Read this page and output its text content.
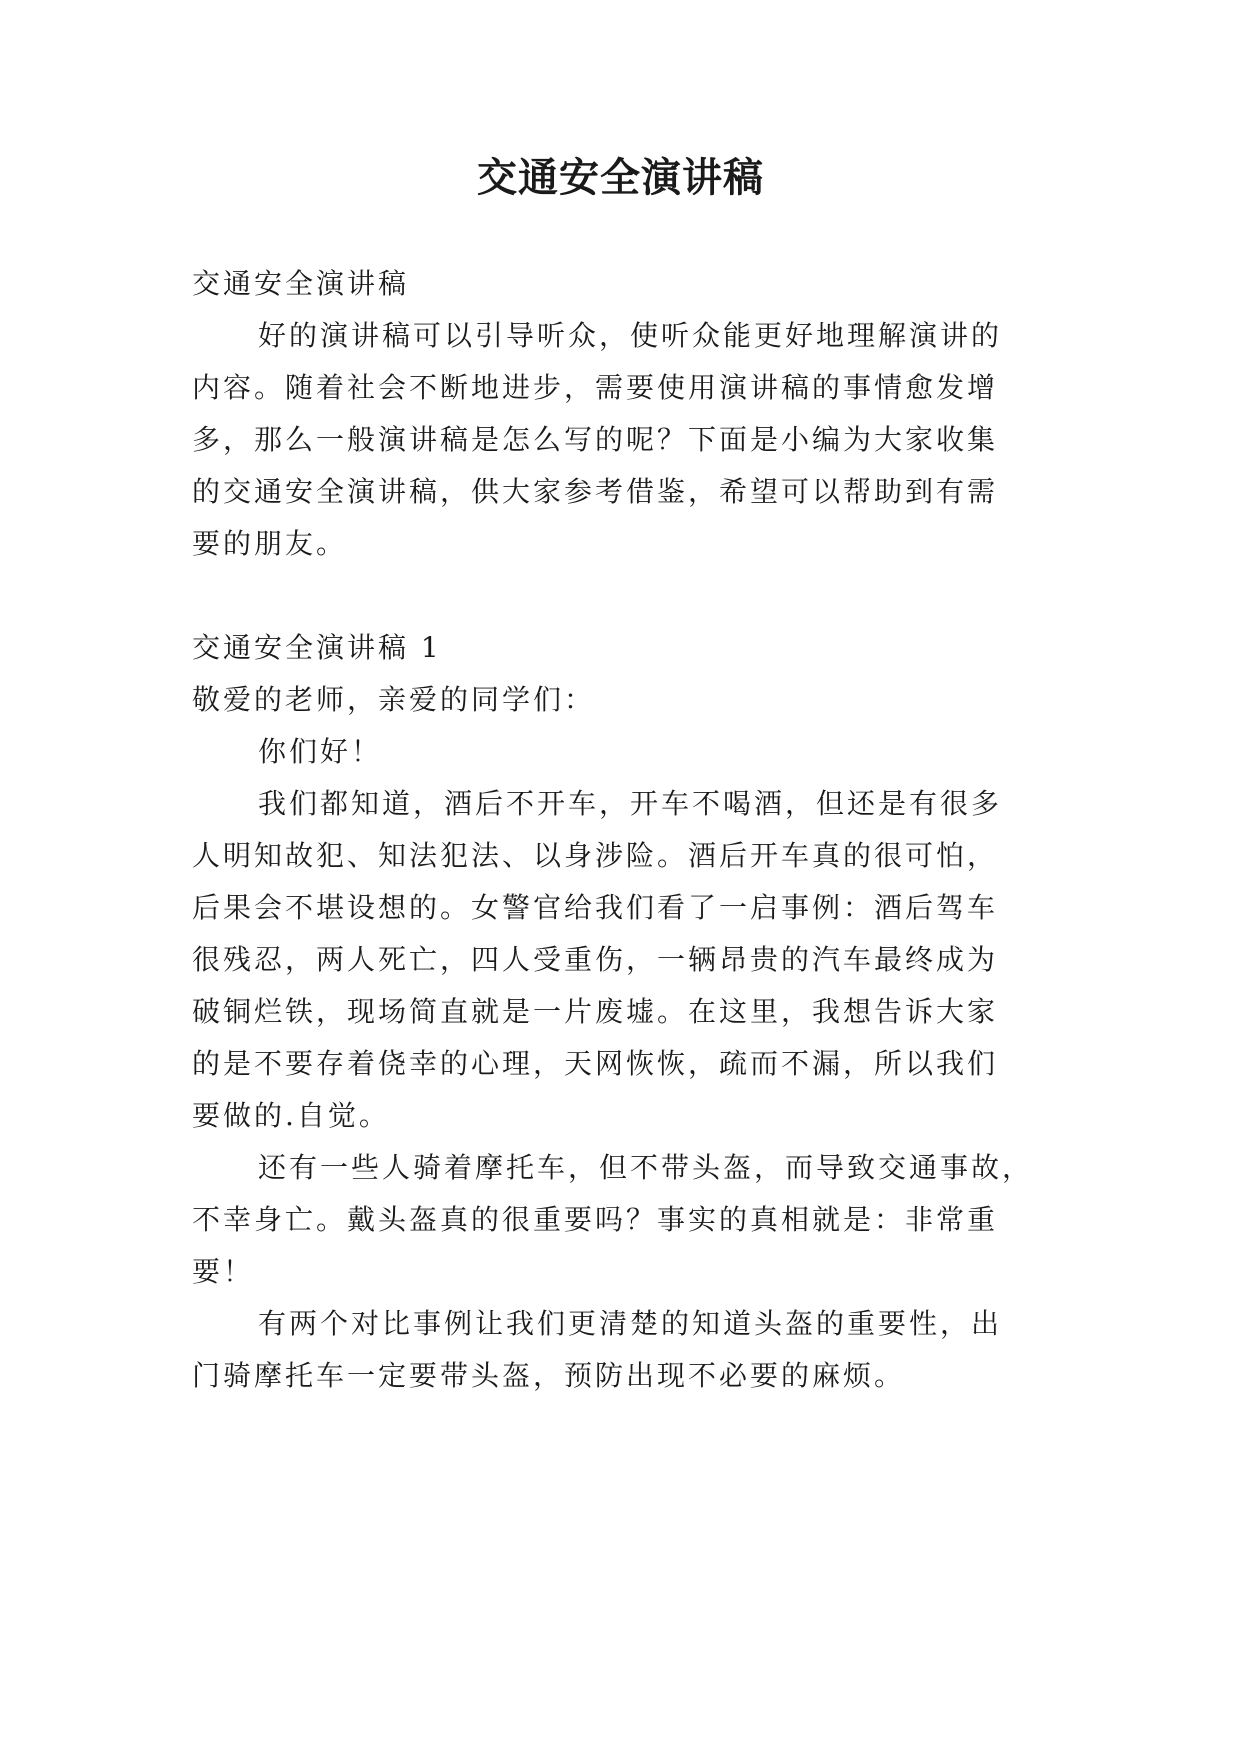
交通安全演讲稿
交通安全演讲稿
好的演讲稿可以引导听众，使听众能更好地理解演讲的
内容。随着社会不断地进步，需要使用演讲稿的事情愈发增
多，那么一般演讲稿是怎么写的呢？下面是小编为大家收集
的交通安全演讲稿，供大家参考借鉴，希望可以帮助到有需
要的朋友。
交通安全演讲稿 1
敬爱的老师，亲爱的同学们：
你们好！
我们都知道，酒后不开车，开车不喝酒，但还是有很多
人明知故犯、知法犯法、以身涉险。酒后开车真的很可怕，
后果会不堪设想的。女警官给我们看了一启事例：酒后驾车
很残忍，两人死亡，四人受重伤，一辆昂贵的汽车最终成为
破铜烂铁，现场简直就是一片废墟。在这里，我想告诉大家
的是不要存着侥幸的心理，天网恢恢，疏而不漏，所以我们
要做的.自觉。
还有一些人骑着摩托车，但不带头盔，而导致交通事故，
不幸身亡。戴头盔真的很重要吗？事实的真相就是：非常重
要！
有两个对比事例让我们更清楚的知道头盔的重要性，出
门骑摩托车一定要带头盔，预防出现不必要的麻烦。
